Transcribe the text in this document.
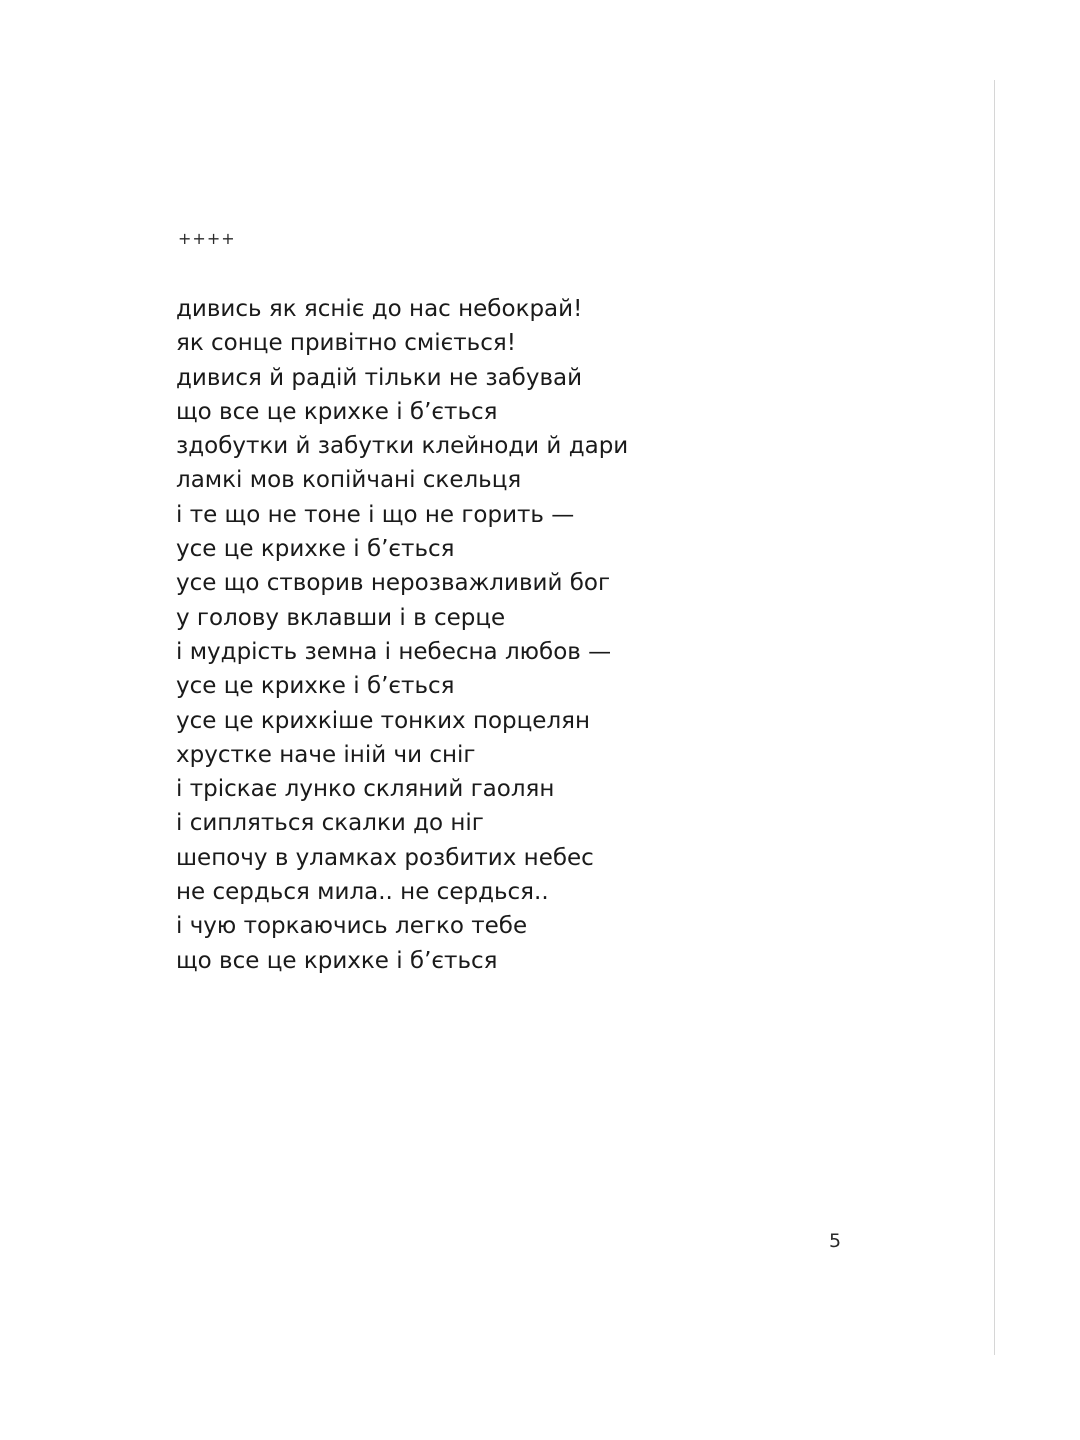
++++
дивись як яснiє до нас небокрай!
як сонце привiтно смiється!
дивися й радiй тiльки не забувай
що все це крихке i б’ється
здобутки й забутки клейноди й дари
ламкi мов копiйчанi скельця
i те що не тоне i що не горить —
усе це крихке i б’ється
усе що створив нерозважливий бог
у голову вклавши i в серце
i мудрiсть земна i небесна любов —
усе це крихке i б’ється
усе це крихкiше тонких порцелян
хрустке наче iнiй чи снiг
i трiскає лунко скляний гаолян
i сипляться скалки до нiг
шепочу в уламках розбитих небес
не сердься мила.. не сердься..
i чую торкаючись легко тебе
що все це крихке i б’ється
5
